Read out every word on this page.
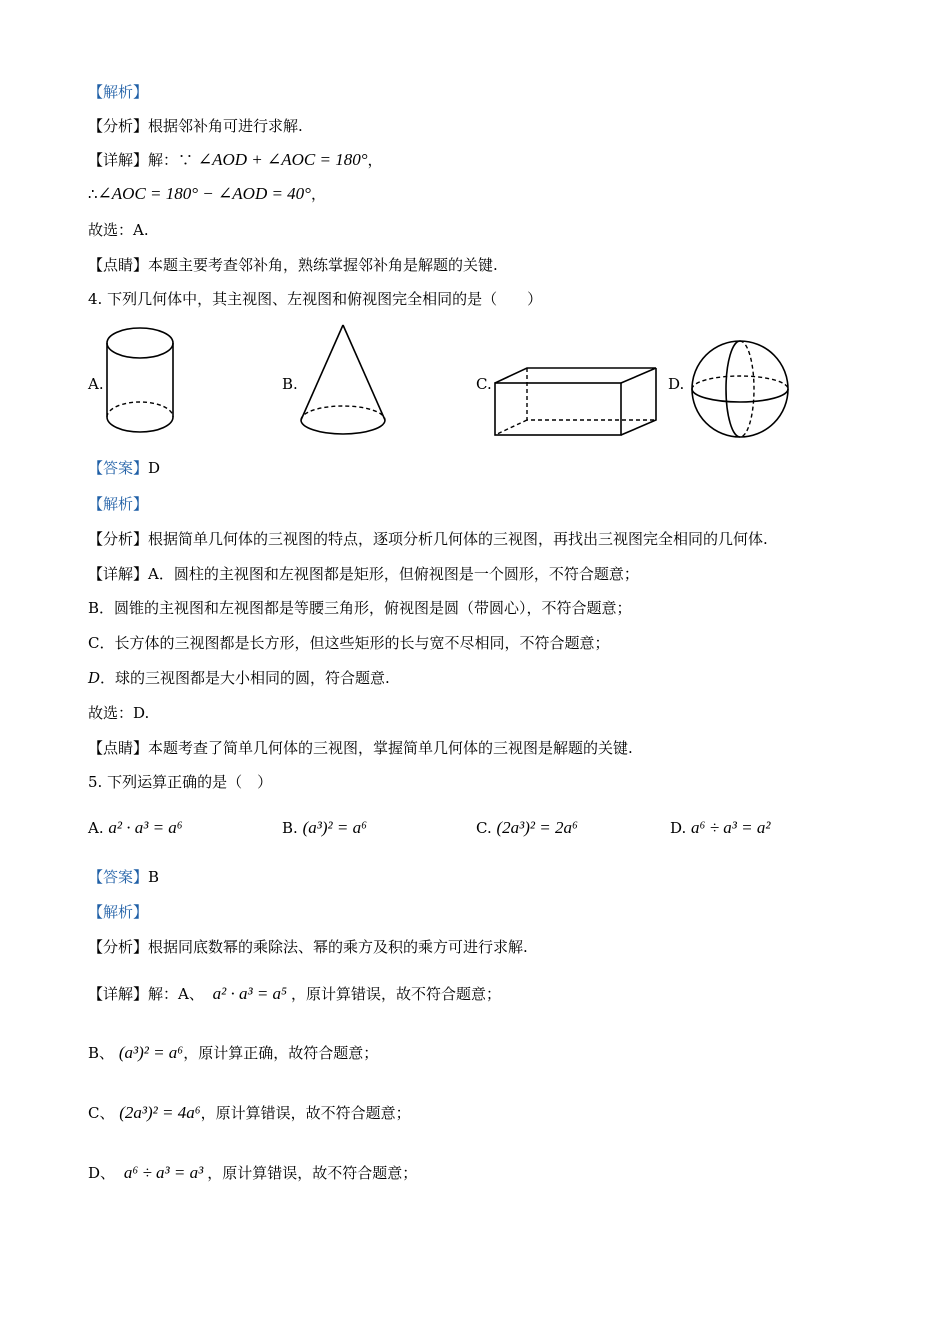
【解析】
【分析】根据邻补角可进行求解.
【详解】解：∵ ∠AOD + ∠AOC = 180°，
∴∠AOC = 180° − ∠AOD = 40°，
故选：A.
【点睛】本题主要考查邻补角，熟练掌握邻补角是解题的关键.
4. 下列几何体中，其主视图、左视图和俯视图完全相同的是（　　）
A.	B.	C.	D.
【答案】D
【解析】
【分析】根据简单几何体的三视图的特点，逐项分析几何体的三视图，再找出三视图完全相同的几何体.
【详解】A．圆柱的主视图和左视图都是矩形，但俯视图是一个圆形，不符合题意；
B．圆锥的主视图和左视图都是等腰三角形，俯视图是圆（带圆心），不符合题意；
C．长方体的三视图都是长方形，但这些矩形的长与宽不尽相同，不符合题意；
D．球的三视图都是大小相同的圆，符合题意.
故选：D.
【点睛】本题考查了简单几何体的三视图，掌握简单几何体的三视图是解题的关键.
5. 下列运算正确的是（　）
A. a² · a³ = a⁶	B. (a³)² = a⁶	C. (2a³)² = 2a⁶	D. a⁶ ÷ a³ = a²
【答案】B
【解析】
【分析】根据同底数幂的乘除法、幂的乘方及积的乘方可进行求解.
【详解】解：A、 a² · a³ = a⁵ ，原计算错误，故不符合题意；
B、 (a³)² = a⁶，原计算正确，故符合题意；
C、 (2a³)² = 4a⁶，原计算错误，故不符合题意；
D、 a⁶ ÷ a³ = a³ ，原计算错误，故不符合题意；
